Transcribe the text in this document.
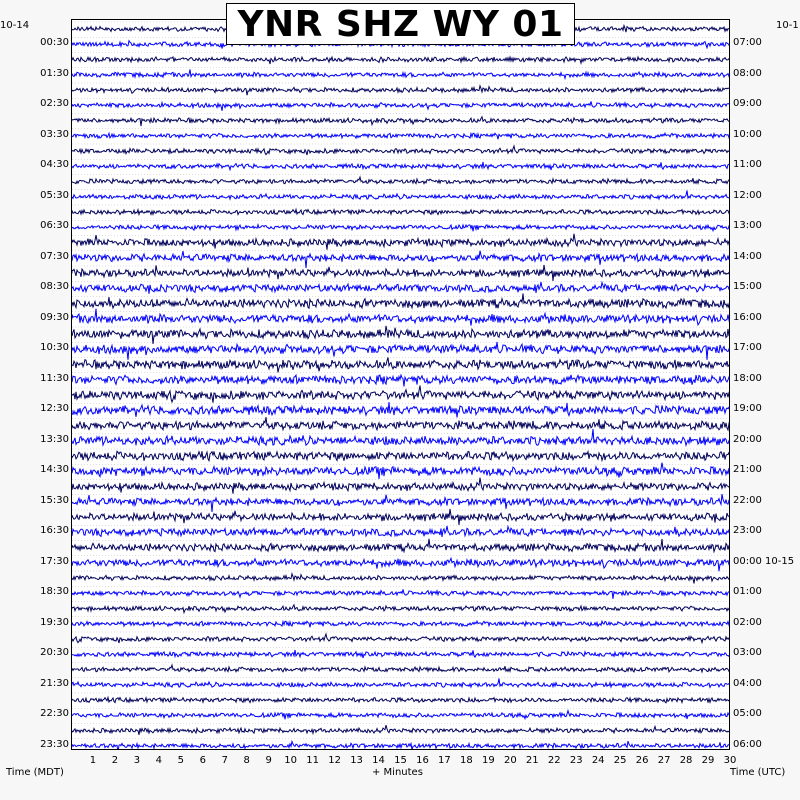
YNR SHZ WY 01
10-14	10-1
00:30
01:30
02:30
03:30
04:30
05:30
06:30
07:30
08:30
09:30
10:30
11:30
12:30
13:30
14:30
15:30
16:30
17:30
18:30
19:30
20:30
21:30
22:30
23:30
07:00
08:00
09:00
10:00
11:00
12:00
13:00
14:00
15:00
16:00
17:00
18:00
19:00
20:00
21:00
22:00
23:00
00:00 10-15
01:00
02:00
03:00
04:00
05:00
06:00
1	2	3	4	5	6	7	8	9	10 11 12 13 14 15 16 17 18 19 20 21 22 23 24 25 26 27 28 29 30
Time (MDT)	+ Minutes	Time (UTC)
